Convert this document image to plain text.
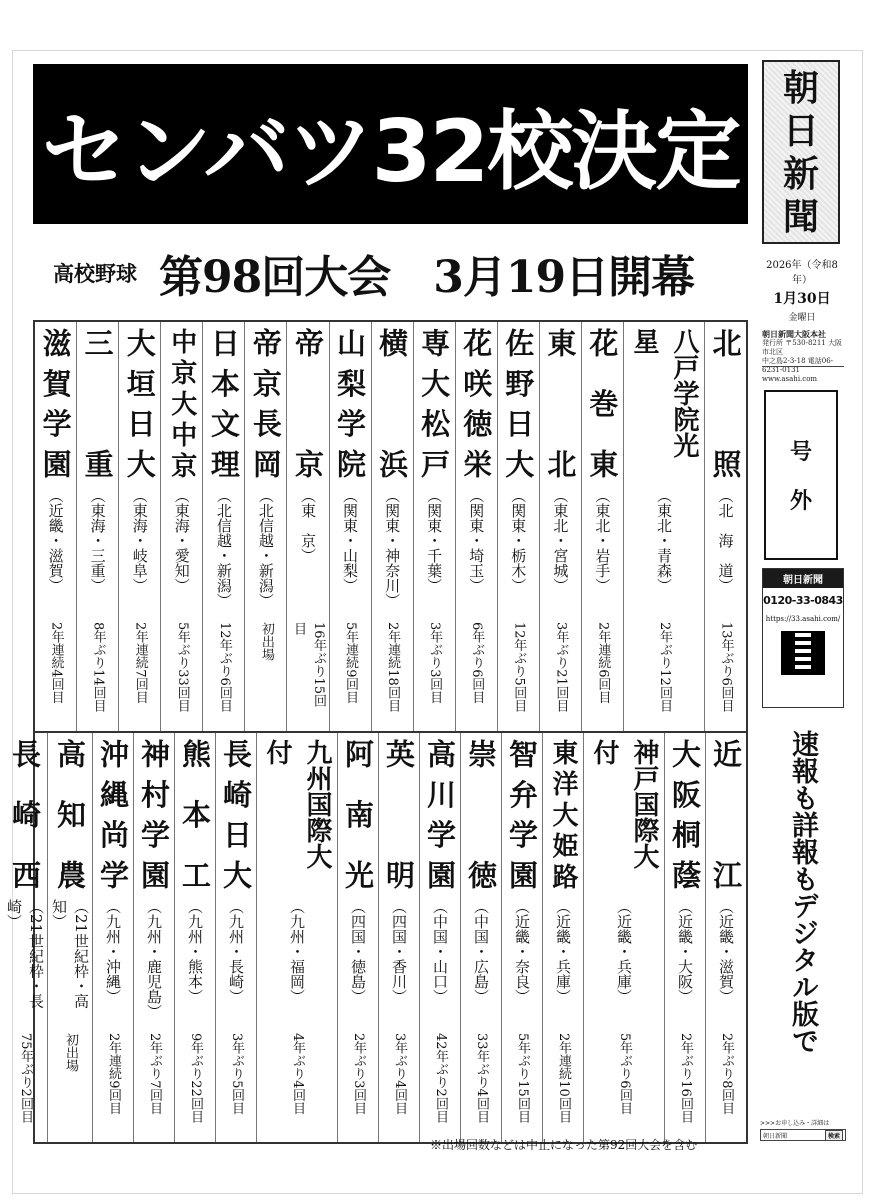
センバツ32校決定
高校野球 第98回大会　3月19日開幕
朝
日
新
聞
2026年（令和8年）
1月30日
金曜日
朝日新聞大阪本社
発行所 〒530-8211 大阪市北区
中之島2-3-18 電話06-6231-0131
www.asahi.com
号
外
朝日新聞
0120-33-0843
https://33.asahi.com/
速報も詳報もデジタル版で
>>>お申し込み・詳細は
朝日新聞	検索
北　照
（北　海　道）
13年ぶり6回目
八戸学院光星
（東北・青森）
2年ぶり12回目
花　巻　東
（東北・岩手）
2年連続6回目
東　北
（東北・宮城）
3年ぶり21回目
佐野日大
（関東・栃木）
12年ぶり5回目
花咲徳栄
（関東・埼玉）
6年ぶり6回目
専大松戸
（関東・千葉）
3年ぶり3回目
横　浜
（関東・神奈川）
2年連続18回目
山梨学院
（関東・山梨）
5年連続9回目
帝　京
（東　京）
16年ぶり15回目
帝京長岡
（北信越・新潟）
初出場
日本文理
（北信越・新潟）
12年ぶり6回目
中京大中京
（東海・愛知）
5年ぶり33回目
大垣日大
（東海・岐阜）
2年連続7回目
三　重
（東海・三重）
8年ぶり14回目
滋賀学園
（近畿・滋賀）
2年連続4回目
近　江
（近畿・滋賀）
2年ぶり8回目
大阪桐蔭
（近畿・大阪）
2年ぶり16回目
神戸国際大付
（近畿・兵庫）
5年ぶり6回目
東洋大姫路
（近畿・兵庫）
2年連続10回目
智弁学園
（近畿・奈良）
5年ぶり15回目
崇　徳
（中国・広島）
33年ぶり4回目
高川学園
（中国・山口）
42年ぶり2回目
英　明
（四国・香川）
3年ぶり4回目
阿　南　光
（四国・徳島）
2年ぶり3回目
九州国際大付
（九州・福岡）
4年ぶり4回目
長崎日大
（九州・長崎）
3年ぶり5回目
熊　本　工
（九州・熊本）
9年ぶり22回目
神村学園
（九州・鹿児島）
2年ぶり7回目
沖縄尚学
（九州・沖縄）
2年連続9回目
高　知　農
（21世紀枠・高知）
初出場
長　崎　西
（21世紀枠・長崎）
75年ぶり2回目
※出場回数などは中止になった第92回大会を含む
